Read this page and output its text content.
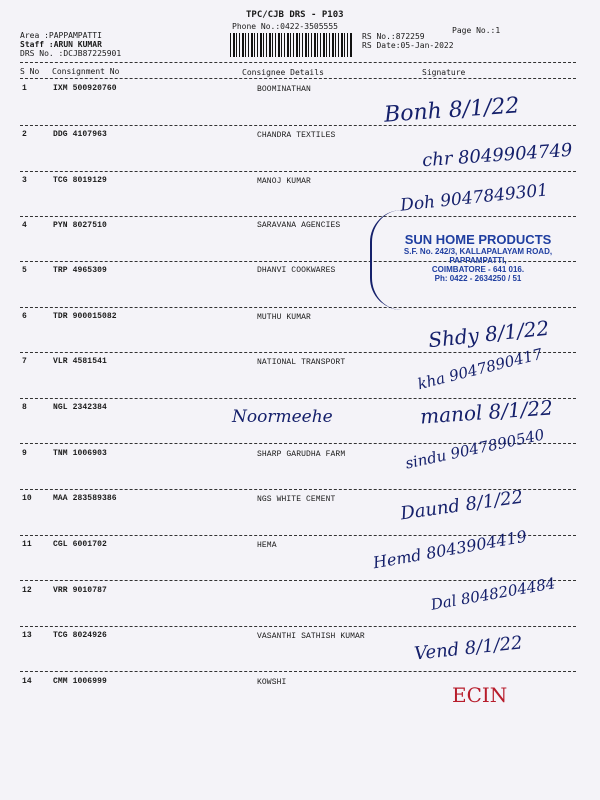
TPC/CJB DRS - P103
Phone No.:0422-3505555	Page No.:1
Area :PAPPAMPATTI
Staff :ARUN KUMAR
DRS No. :DCJB87225901
RS No.:872259
RS Date:05-Jan-2022
S No Consignment No	Consignee Details	Signature
1	IXM 500920760	BOOMINATHAN
2	DDG 4107963	CHANDRA TEXTILES
3	TCG 8019129	MANOJ KUMAR
4	PYN 8027510	SARAVANA AGENCIES
5	TRP 4965309	DHANVI COOKWARES
6	TDR 900015082	MUTHU KUMAR
7	VLR 4581541	NATIONAL TRANSPORT
8	NGL 2342384
9	TNM 1006903	SHARP GARUDHA FARM
10	MAA 283589386	NGS WHITE CEMENT
11	CGL 6001702	HEMA
12	VRR 9010787
13	TCG 8024926	VASANTHI SATHISH KUMAR
14	CMM 1006999	KOWSHI
SUN HOME PRODUCTS
S.F. No. 242/3, KALLAPALAYAM ROAD,
PAPPAMPATTI,
COIMBATORE - 641 016.
Ph: 0422 - 2634250 / 51
Bonh 8/1/22
chr 8049904749
Doh 9047849301
Shdy 8/1/22
kha 9047890417
Noormeehe	manol 8/1/22
sindu 9047890540
Daund 8/1/22
Hemd 8043904419
Dal 8048204484
Vend 8/1/22
ECIN
